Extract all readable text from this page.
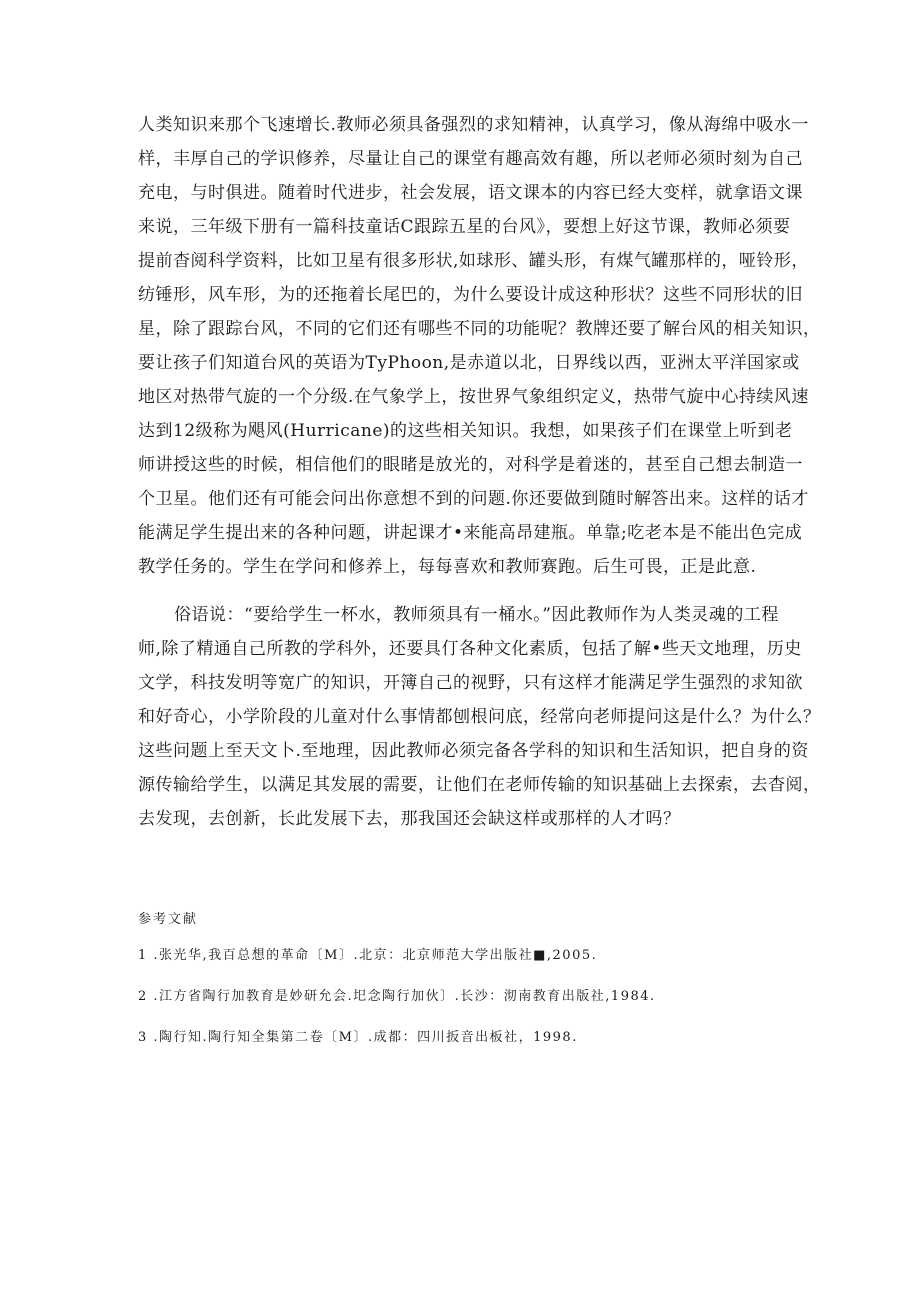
人类知识来那个飞速增长.教师必须具备强烈的求知精神，认真学习，像从海绵中吸水一
样，丰厚自己的学识修养，尽量让自己的课堂有趣高效有趣，所以老师必须时刻为自己
充电，与时俱进。随着时代进步，社会发展，语文课本的内容已经大变样，就拿语文课
来说，三年级下册有一篇科技童话C跟踪五星的台风》，要想上好这节课，教师必须要
提前杳阅科学资料，比如卫星有很多形状,如球形、罐头形，有煤气罐那样的，哑铃形，
纺锤形，风车形，为的还拖着长尾巴的，为什么要设计成这种形状？这些不同形状的旧
星，除了跟踪台风，不同的它们还有哪些不同的功能呢？教牌还要了解台风的相关知识，
要让孩子们知道台风的英语为TyPhoon,是赤道以北，日界线以西，亚洲太平洋国家或
地区对热带气旋的一个分级.在气象学上，按世界气象组织定义，热带气旋中心持续风速
达到12级称为飓风(Hurricane)的这些相关知识。我想，如果孩子们在课堂上听到老
师讲授这些的时候，相信他们的眼睹是放光的，对科学是着迷的，甚至自己想去制造一
个卫星。他们还有可能会问出你意想不到的问题.你还要做到随时解答出来。这样的话才
能满足学生提出来的各种问题，讲起课才•来能高昂建瓶。单靠;吃老本是不能出色完成
教学任务的。学生在学问和修养上，每每喜欢和教师赛跑。后生可畏，正是此意.
俗语说：“要给学生一杯水，教师须具有一桶水。”因此教师作为人类灵魂的工程
师,除了精通自己所教的学科外，还要具仃各种文化素质，包括了解•些天文地理，历史
文学，科技发明等宽广的知识，开簿自己的视野，只有这样才能满足学生强烈的求知欲
和好奇心，小学阶段的儿童对什么事情都刨根问底，经常向老师提问这是什么？为什么？
这些问题上至天文卜.至地理，因此教师必须完备各学科的知识和生活知识，把自身的资
源传输给学生，以满足其发展的需要，让他们在老师传输的知识基础上去探索，去杳阅，
去发现，去创新，长此发展下去，那我国还会缺这样或那样的人才吗？
参考文献
1 .张光华,我百总想的革命〔M〕.北京：北京师范大学出版社■,2005.
2 .江方省陶行加教育是妙研允会.圯念陶行加伙〕.长沙：沏南教育出版社,1984.
3 .陶行知.陶行知全集第二卷〔M〕.成都：四川扳音出板社，1998.
